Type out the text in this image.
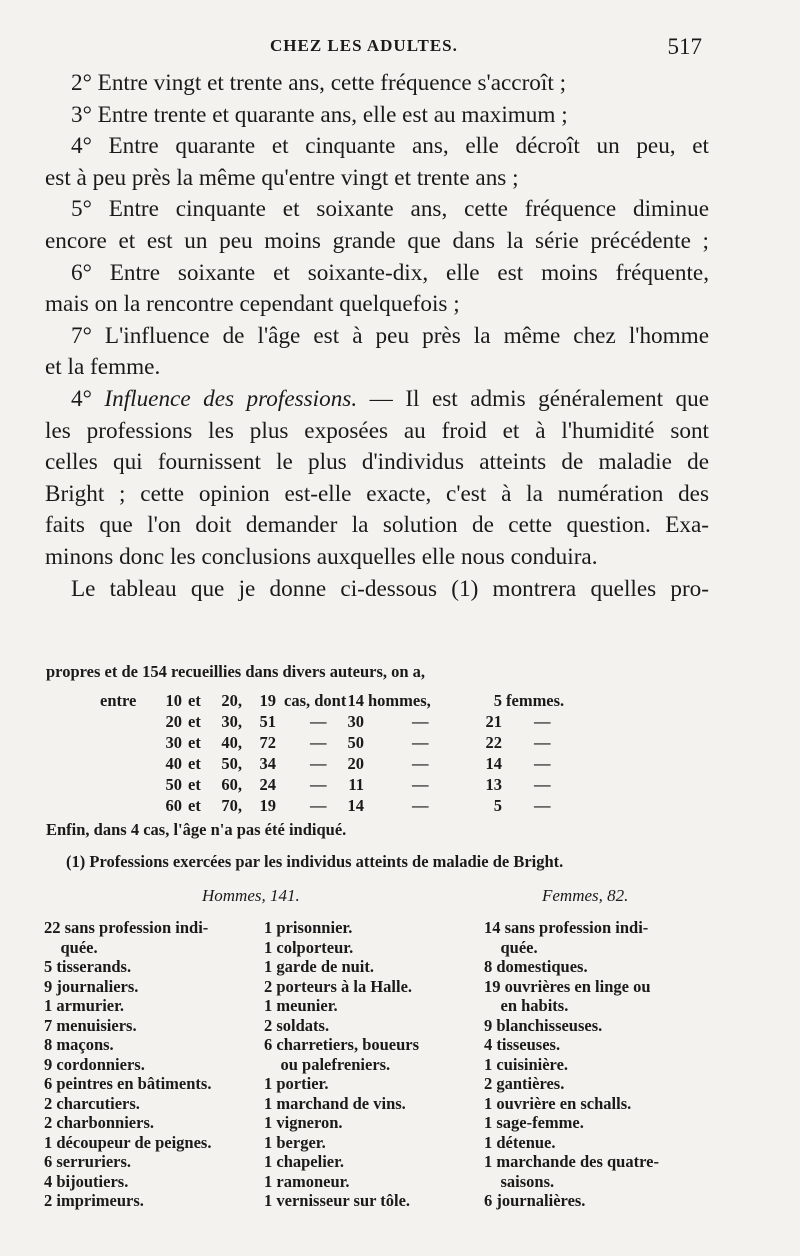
CHEZ LES ADULTES.	517

2° Entre vingt et trente ans, cette fréquence s'accroît ;

3° Entre trente et quarante ans, elle est au maximum ;

4° Entre quarante et cinquante ans, elle décroît un peu, et

est à peu près la même qu'entre vingt et trente ans ;

5° Entre cinquante et soixante ans, cette fréquence diminue

encore et est un peu moins grande que dans la série précédente ;

6° Entre soixante et soixante-dix, elle est moins fréquente,

mais on la rencontre cependant quelquefois ;

7° L'influence de l'âge est à peu près la même chez l'homme

et la femme.

4° Influence des professions. — Il est admis généralement que

les professions les plus exposées au froid et à l'humidité sont

celles qui fournissent le plus d'individus atteints de maladie de

Bright ; cette opinion est-elle exacte, c'est à la numération des

faits que l'on doit demander la solution de cette question. Exa-

minons donc les conclusions auxquelles elle nous conduira.

Le tableau que je donne ci-dessous (1) montrera quelles pro-

propres et de 154 recueillies dans divers auteurs, on a,
entre	10 et 20,	19 cas, dont 14 hommes,	5 femmes.
20 et 30,	51 —	30	—	21 —
30 et 40,	72 —	50	—	22 —
40 et 50,	34 —	20	—	14 —
50 et 60,	24 —	11	—	13 —
60 et 70,	19 —	14	—	5 —
Enfin, dans 4 cas, l'âge n'a pas été indiqué.
(1) Professions exercées par les individus atteints de maladie de Bright.
Hommes, 141.	Femmes, 82.
22 sans profession indi-
quée.
5 tisserands.
9 journaliers.
1 armurier.
7 menuisiers.
8 maçons.
9 cordonniers.
6 peintres en bâtiments.
2 charcutiers.
2 charbonniers.
1 découpeur de peignes.
6 serruriers.
4 bijoutiers.
2 imprimeurs.
1 prisonnier.
1 colporteur.
1 garde de nuit.
2 porteurs à la Halle.
1 meunier.
2 soldats.
6 charretiers, boueurs
ou palefreniers.
1 portier.
1 marchand de vins.
1 vigneron.
1 berger.
1 chapelier.
1 ramoneur.
1 vernisseur sur tôle.
14 sans profession indi-
quée.
8 domestiques.
19 ouvrières en linge ou
en habits.
9 blanchisseuses.
4 tisseuses.
1 cuisinière.
2 gantières.
1 ouvrière en schalls.
1 sage-femme.
1 détenue.
1 marchande des quatre-
saisons.
6 journalières.
